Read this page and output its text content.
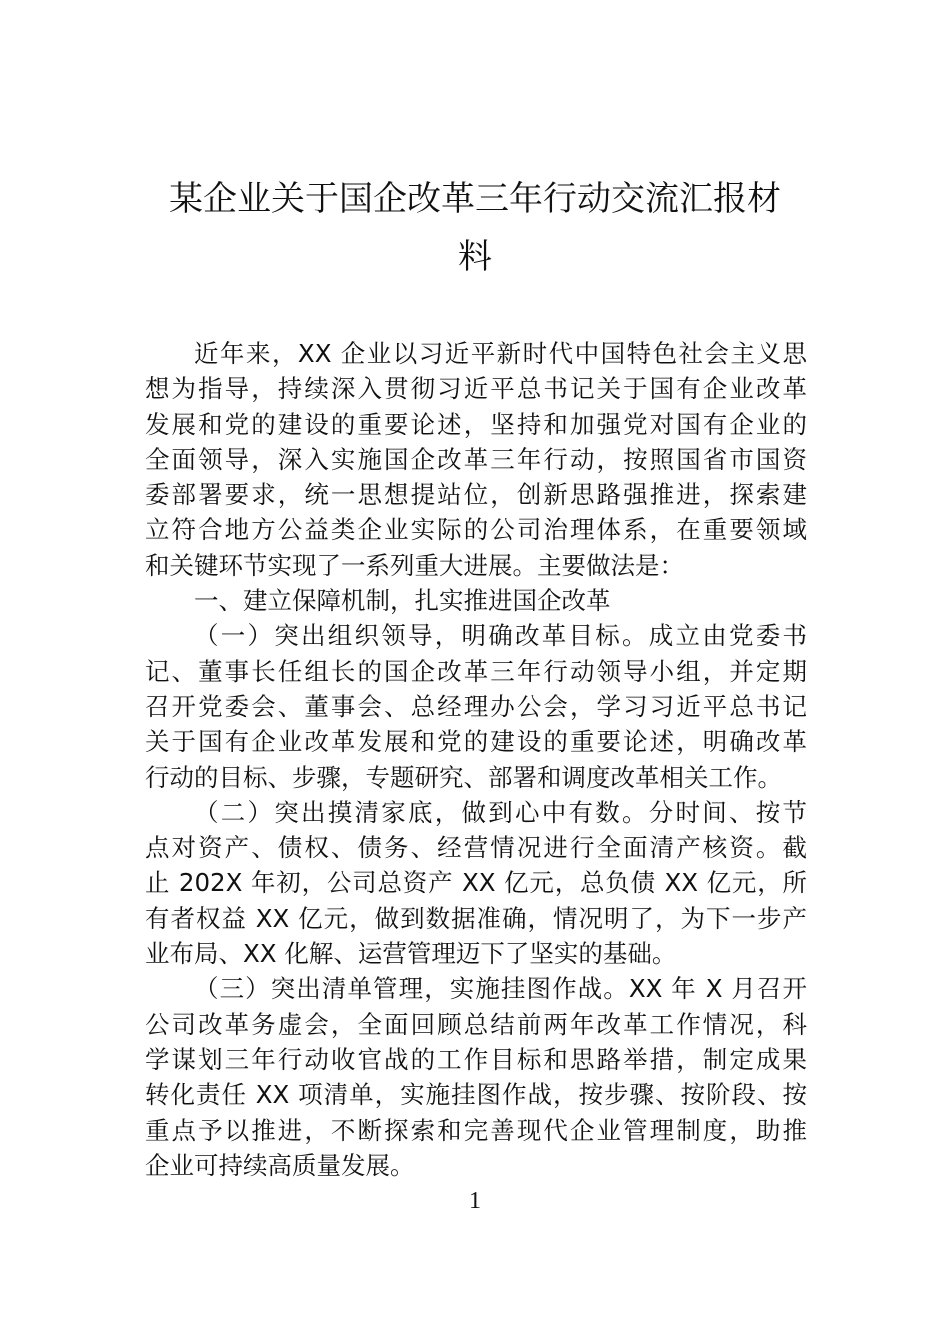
某企业关于国企改革三年行动交流汇报材
料
近年来，XX 企业以习近平新时代中国特色社会主义思
想为指导，持续深入贯彻习近平总书记关于国有企业改革
发展和党的建设的重要论述，坚持和加强党对国有企业的
全面领导，深入实施国企改革三年行动，按照国省市国资
委部署要求，统一思想提站位，创新思路强推进，探索建
立符合地方公益类企业实际的公司治理体系，在重要领域
和关键环节实现了一系列重大进展。主要做法是：
一、建立保障机制，扎实推进国企改革
（一）突出组织领导，明确改革目标。成立由党委书
记、董事长任组长的国企改革三年行动领导小组，并定期
召开党委会、董事会、总经理办公会，学习习近平总书记
关于国有企业改革发展和党的建设的重要论述，明确改革
行动的目标、步骤，专题研究、部署和调度改革相关工作。
（二）突出摸清家底，做到心中有数。分时间、按节
点对资产、债权、债务、经营情况进行全面清产核资。截
止 202X 年初，公司总资产 XX 亿元，总负债 XX 亿元，所
有者权益 XX 亿元，做到数据准确，情况明了，为下一步产
业布局、XX 化解、运营管理迈下了坚实的基础。
（三）突出清单管理，实施挂图作战。XX 年 X 月召开
公司改革务虚会，全面回顾总结前两年改革工作情况，科
学谋划三年行动收官战的工作目标和思路举措，制定成果
转化责任 XX 项清单，实施挂图作战，按步骤、按阶段、按
重点予以推进，不断探索和完善现代企业管理制度，助推
企业可持续高质量发展。
1
